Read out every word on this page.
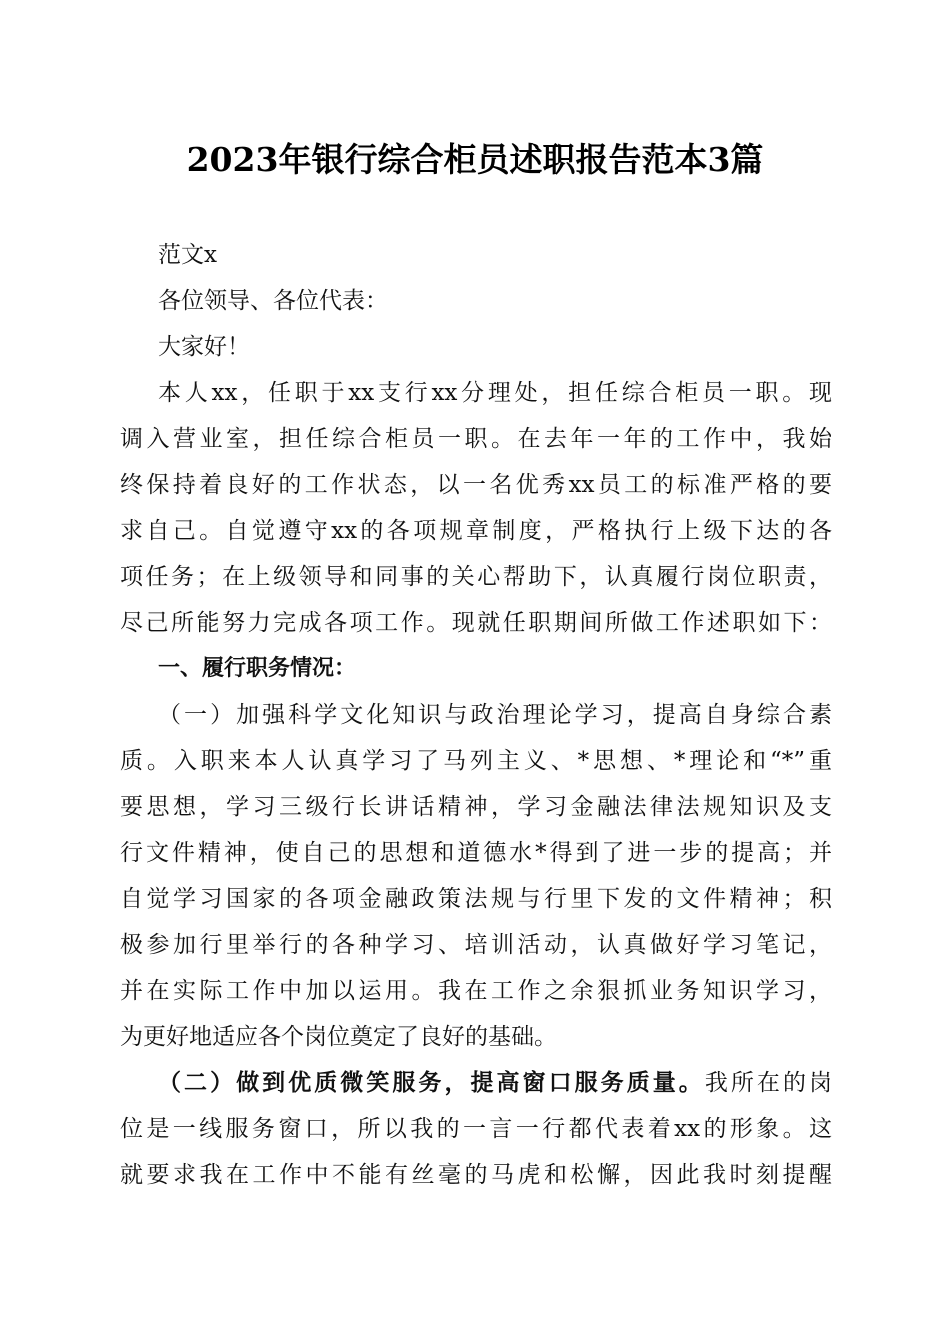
2023年银行综合柜员述职报告范本3篇
范文x
各位领导、各位代表：
大家好！
本人xx，任职于xx支行xx分理处，担任综合柜员一职。现
调入营业室，担任综合柜员一职。在去年一年的工作中，我始
终保持着良好的工作状态，以一名优秀xx员工的标准严格的要
求自己。自觉遵守xx的各项规章制度，严格执行上级下达的各
项任务；在上级领导和同事的关心帮助下，认真履行岗位职责，
尽己所能努力完成各项工作。现就任职期间所做工作述职如下：
一、履行职务情况：
（一）加强科学文化知识与政治理论学习，提高自身综合素
质。入职来本人认真学习了马列主义、*思想、*理论和“*”重
要思想，学习三级行长讲话精神，学习金融法律法规知识及支
行文件精神，使自己的思想和道德水*得到了进一步的提高；并
自觉学习国家的各项金融政策法规与行里下发的文件精神；积
极参加行里举行的各种学习、培训活动，认真做好学习笔记，
并在实际工作中加以运用。我在工作之余狠抓业务知识学习，
为更好地适应各个岗位奠定了良好的基础。
（二）做到优质微笑服务，提高窗口服务质量。我所在的岗
位是一线服务窗口，所以我的一言一行都代表着xx的形象。这
就要求我在工作中不能有丝毫的马虎和松懈，因此我时刻提醒
